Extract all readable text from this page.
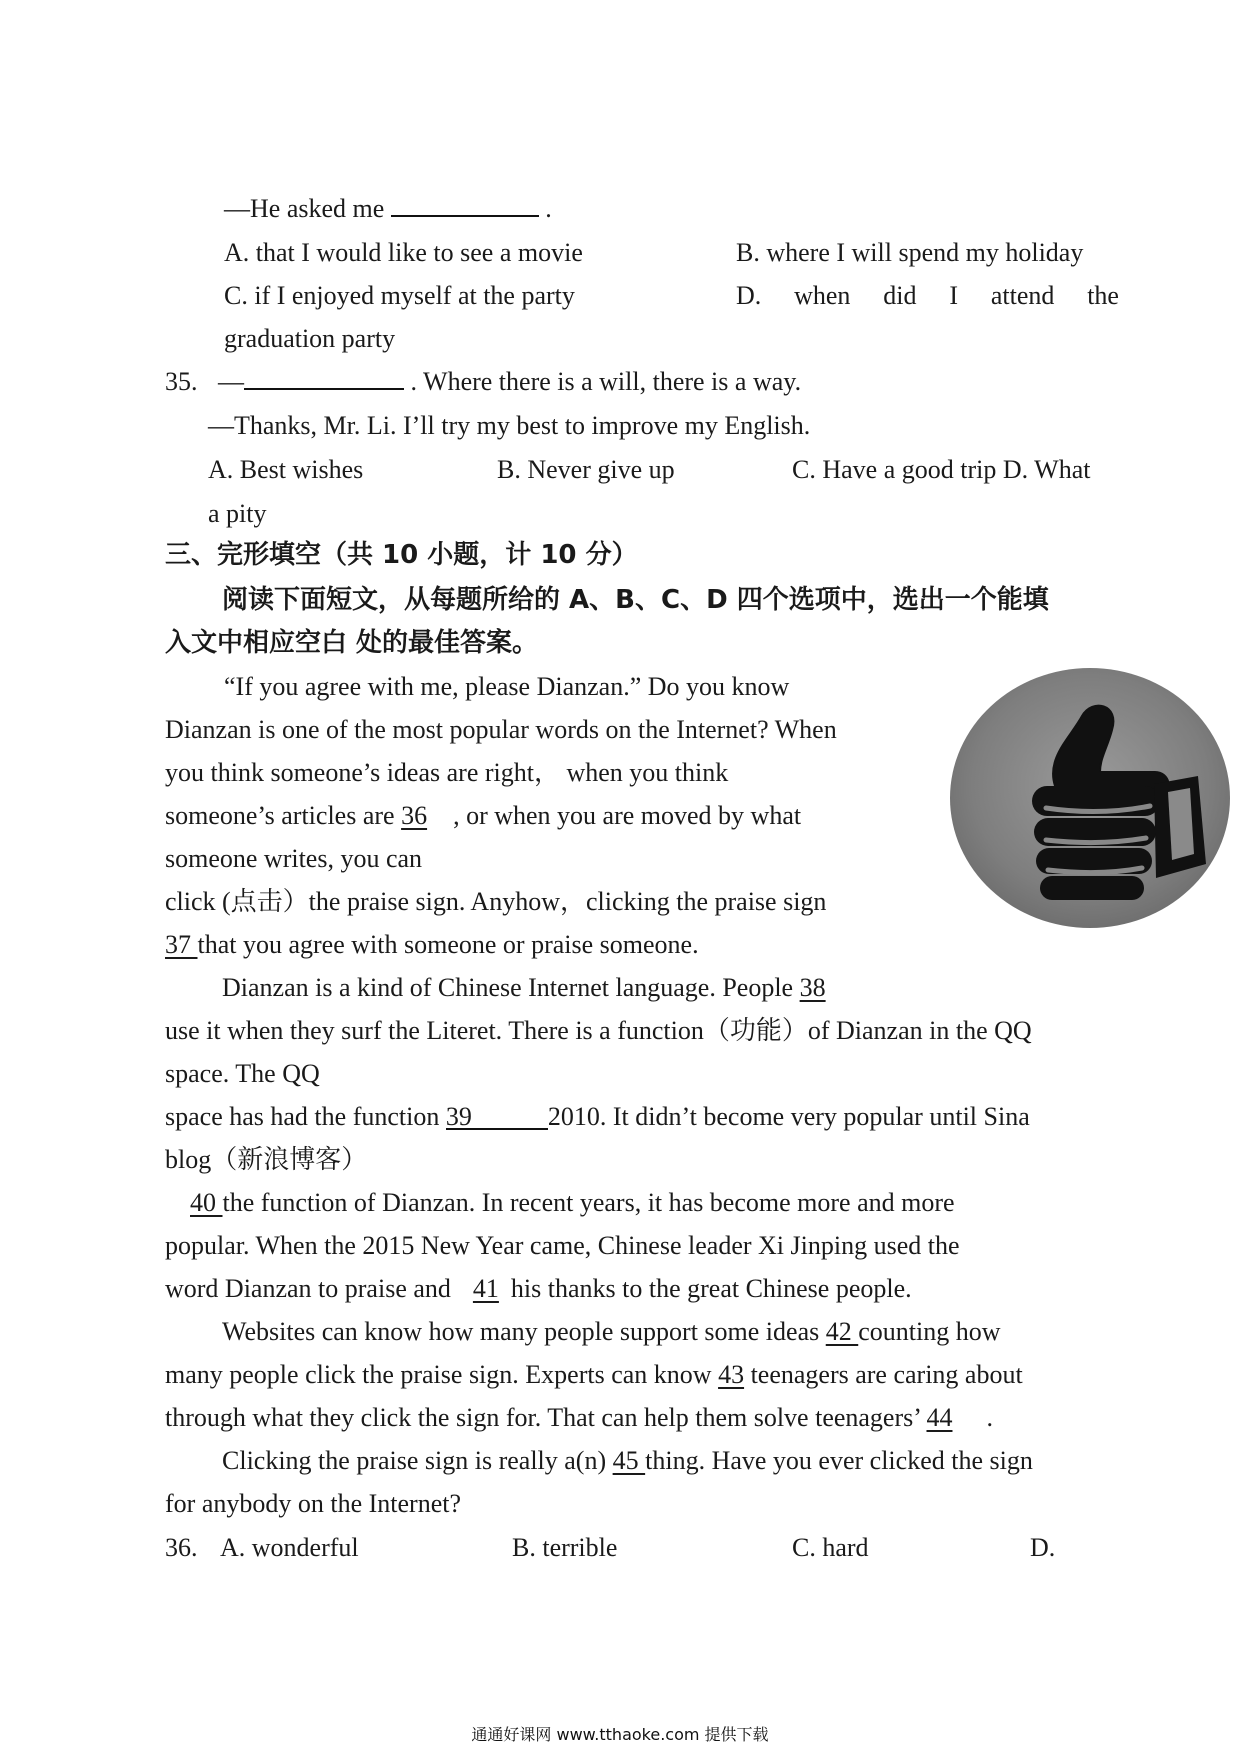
—He asked me	.
A. that I would like to see a movie	B. where I will spend my holiday
C. if I enjoyed myself at the party	D. when did I attend the
graduation party
35. —	. Where there is a will, there is a way.
—Thanks, Mr. Li. I’ll try my best to improve my English.
A. Best wishes	B. Never give up	C. Have a good trip D. What
a pity
三、完形填空（共 10 小题，计 10 分）
阅读下面短文，从每题所给的 A、B、C、D 四个选项中，选出一个能填
入文中相应空白 处的最佳答案。
“If you agree with me, please Dianzan.” Do you know
Dianzan is one of the most popular words on the Internet? When
you think someone’s ideas are right， when you think
someone’s articles are 36 , or when you are moved by what
someone writes, you can
click (点击）the praise sign. Anyhow，clicking the praise sign
37 that you agree with someone or praise someone.
Dianzan is a kind of Chinese Internet language. People 38
use it when they surf the Literet. There is a function（功能）of Dianzan in the QQ
space. The QQ
space has had the function 39	2010. It didn’t become very popular until Sina
blog（新浪博客）
40 the function of Dianzan. In recent years, it has become more and more
popular. When the 2015 New Year came, Chinese leader Xi Jinping used the
word Dianzan to praise and 41 his thanks to the great Chinese people.
Websites can know how many people support some ideas 42 counting how
many people click the praise sign. Experts can know 43 teenagers are caring about
through what they click the sign for. That can help them solve teenagers’ 44 .
Clicking the praise sign is really a(n) 45 thing. Have you ever clicked the sign
for anybody on the Internet?
36. A. wonderful	B. terrible	C. hard	D.
通通好课网 www.tthaoke.com 提供下载
